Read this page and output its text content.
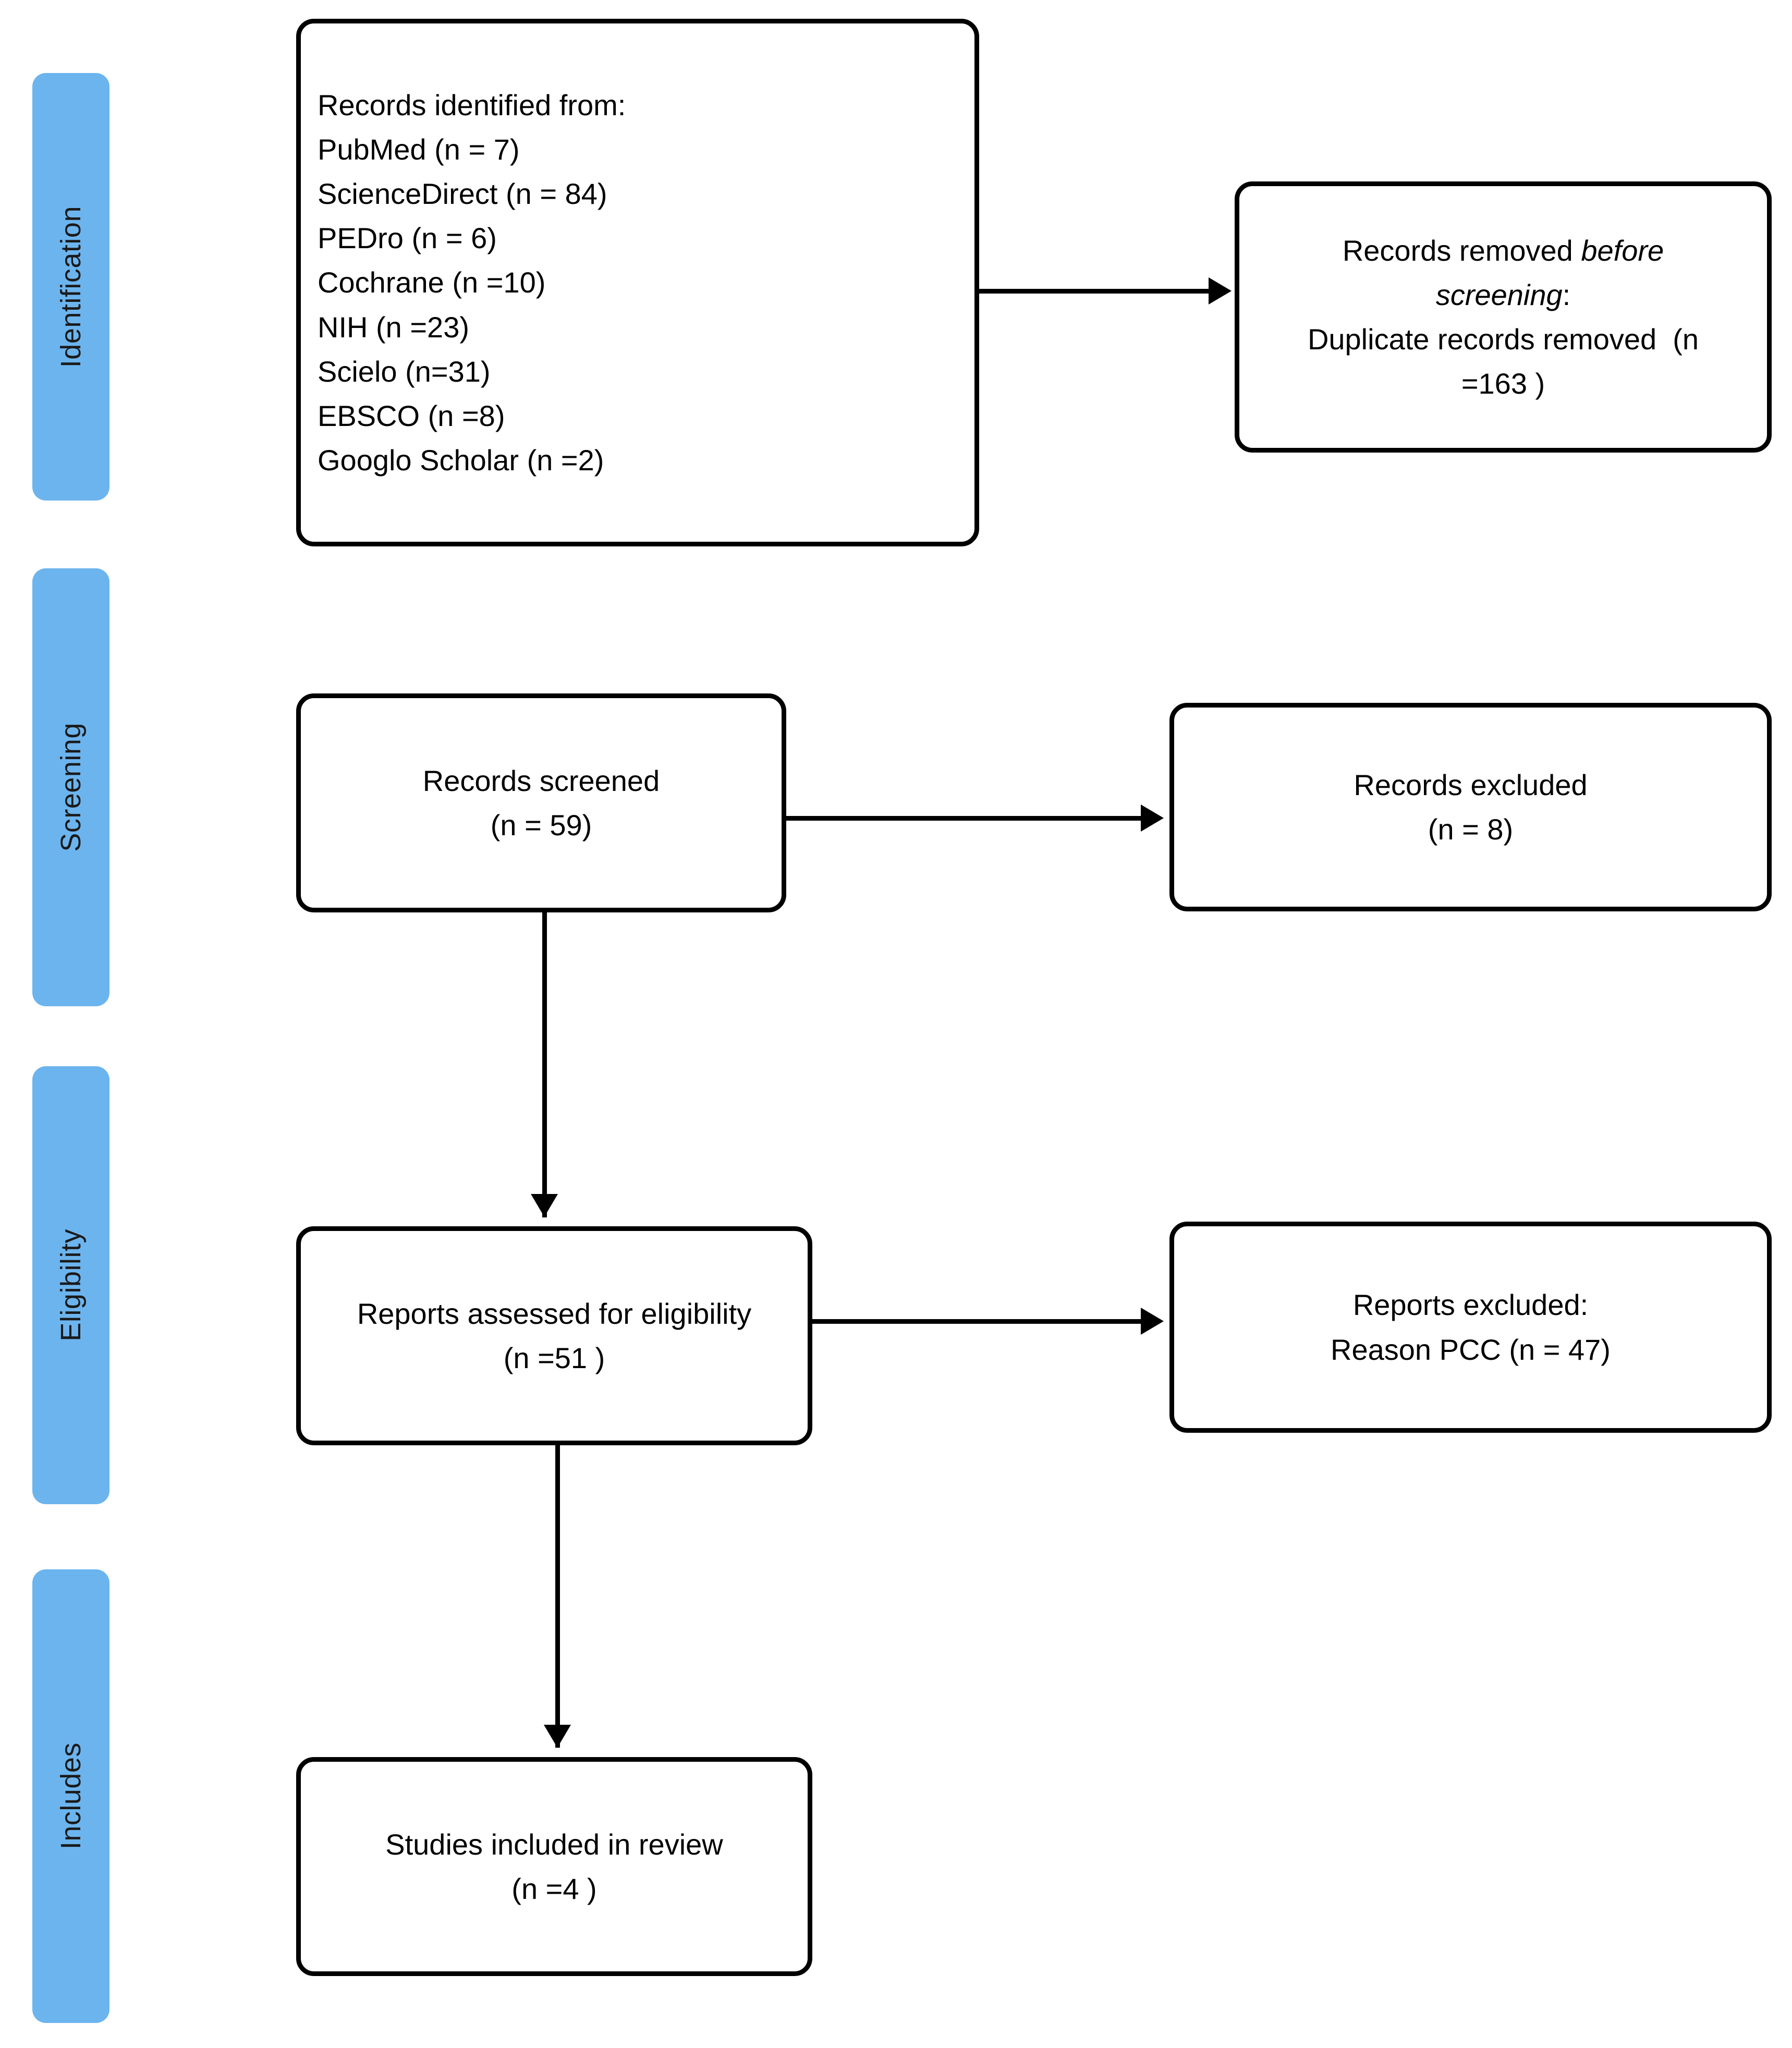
Identification
Screening
Eligibility
Includes
Records identified from:
PubMed (n = 7)
ScienceDirect (n = 84)
PEDro (n = 6)
Cochrane (n =10)
NIH (n =23)
Scielo (n=31)
EBSCO (n =8)
Googlo Scholar (n =2)
Records removed before
screening:
Duplicate records removed  (n
=163 )
Records screened
(n = 59)
Records excluded
(n = 8)
Reports assessed for eligibility
(n =51 )
Reports excluded:
Reason PCC (n = 47)
Studies included in review
(n =4 )
